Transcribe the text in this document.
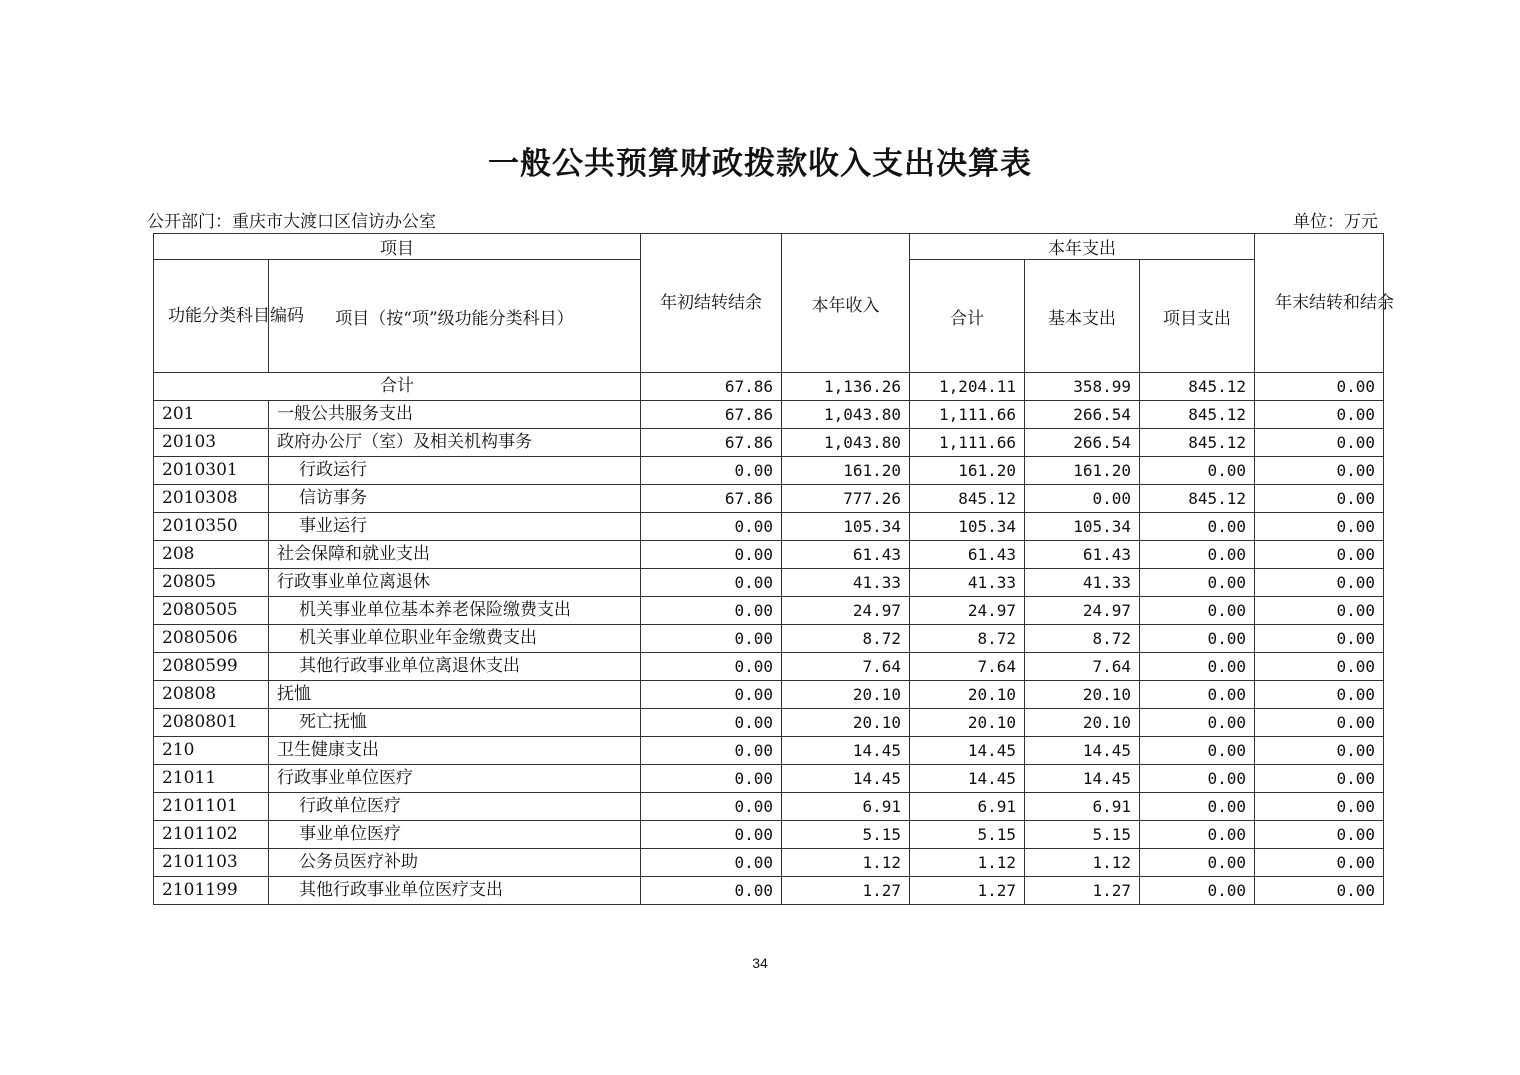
一般公共预算财政拨款收入支出决算表
公开部门：重庆市大渡口区信访办公室	单位：万元
项目		年初结转结余	本年收入	本年支出			年末结转和结余
功能分类科目编码	项目（按“项”级功能分类科目）			合计	基本支出	项目支出	
合计		67.86	1,136.26	1,204.11	358.99	845.12	0.00
201	一般公共服务支出	67.86	1,043.80	1,111.66	266.54	845.12	0.00
20103	政府办公厅（室）及相关机构事务	67.86	1,043.80	1,111.66	266.54	845.12	0.00
2010301	行政运行	0.00	161.20	161.20	161.20	0.00	0.00
2010308	信访事务	67.86	777.26	845.12	0.00	845.12	0.00
2010350	事业运行	0.00	105.34	105.34	105.34	0.00	0.00
208	社会保障和就业支出	0.00	61.43	61.43	61.43	0.00	0.00
20805	行政事业单位离退休	0.00	41.33	41.33	41.33	0.00	0.00
2080505	机关事业单位基本养老保险缴费支出	0.00	24.97	24.97	24.97	0.00	0.00
2080506	机关事业单位职业年金缴费支出	0.00	8.72	8.72	8.72	0.00	0.00
2080599	其他行政事业单位离退休支出	0.00	7.64	7.64	7.64	0.00	0.00
20808	抚恤	0.00	20.10	20.10	20.10	0.00	0.00
2080801	死亡抚恤	0.00	20.10	20.10	20.10	0.00	0.00
210	卫生健康支出	0.00	14.45	14.45	14.45	0.00	0.00
21011	行政事业单位医疗	0.00	14.45	14.45	14.45	0.00	0.00
2101101	行政单位医疗	0.00	6.91	6.91	6.91	0.00	0.00
2101102	事业单位医疗	0.00	5.15	5.15	5.15	0.00	0.00
2101103	公务员医疗补助	0.00	1.12	1.12	1.12	0.00	0.00
2101199	其他行政事业单位医疗支出	0.00	1.27	1.27	1.27	0.00	0.00
34
